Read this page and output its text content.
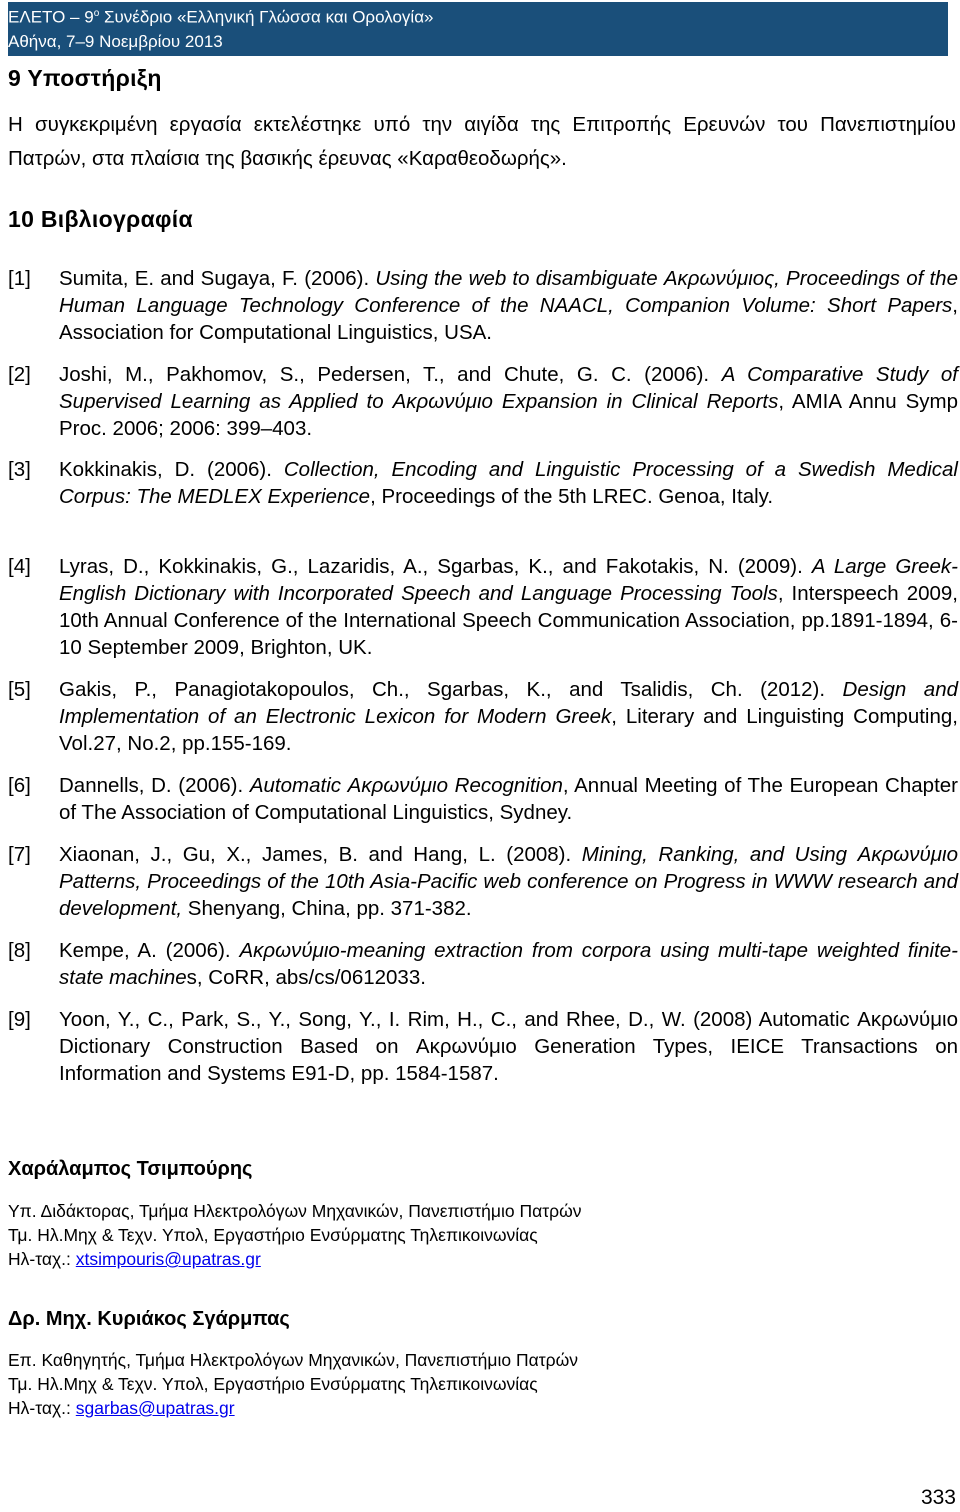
ΕΛΕΤΟ – $9^o$ Συνέδριο «Ελληνική Γλώσσα και Ορολογία»
Αθήνα, 7–9 Νοεμβρίου 2013
9 Υποστήριξη
Η συγκεκριμένη εργασία εκτελέστηκε υπό την αιγίδα της Επιτροπής Ερευνών του Πανεπιστημίου Πατρών, στα πλαίσια της βασικής έρευνας «Καραθεοδωρής».
10 Βιβλιογραφία
[1]	Sumita, E. and Sugaya, F. (2006). Using the web to disambiguate Ακρωνύμιος, Proceedings of the Human Language Technology Conference of the NAACL, Companion Volume: Short Papers, Association for Computational Linguistics, USA.
[2]	Joshi, M., Pakhomov, S., Pedersen, T., and Chute, G. C. (2006). A Comparative Study of Supervised Learning as Applied to Ακρωνύμιο Expansion in Clinical Reports, AMIA Annu Symp Proc. 2006; 2006: 399–403.
[3]	Kokkinakis, D. (2006). Collection, Encoding and Linguistic Processing of a Swedish Medical Corpus: The MEDLEX Experience, Proceedings of the 5th LREC. Genoa, Italy.
[4]	Lyras, D., Kokkinakis, G., Lazaridis, A., Sgarbas, K., and Fakotakis, N. (2009). A Large Greek-English Dictionary with Incorporated Speech and Language Processing Tools, Interspeech 2009, 10th Annual Conference of the International Speech Communication Association, pp.1891-1894, 6-10 September 2009, Brighton, UK.
[5]	Gakis, P., Panagiotakopoulos, Ch., Sgarbas, K., and Tsalidis, Ch. (2012). Design and Implementation of an Electronic Lexicon for Modern Greek, Literary and Linguisting Computing, Vol.27, No.2, pp.155-169.
[6]	Dannells, D. (2006). Automatic Ακρωνύμιο Recognition, Annual Meeting of The European Chapter of The Association of Computational Linguistics, Sydney.
[7]	Xiaonan, J., Gu, X., James, B. and Hang, L. (2008). Mining, Ranking, and Using Ακρωνύμιο Patterns, Proceedings of the 10th Asia-Pacific web conference on Progress in WWW research and development, Shenyang, China, pp. 371-382.
[8]	Kempe, A. (2006). Ακρωνύμιο-meaning extraction from corpora using multi-tape weighted finite-state machines, CoRR, abs/cs/0612033.
[9]	Yoon, Y., C., Park, S., Y., Song, Y., I. Rim, H., C., and Rhee, D., W. (2008) Automatic Ακρωνύμιο Dictionary Construction Based on Ακρωνύμιο Generation Types, IEICE Transactions on Information and Systems E91-D, pp. 1584-1587.
Χαράλαμπος Τσιμπούρης
Υπ. Διδάκτορας, Τμήμα Ηλεκτρολόγων Μηχανικών, Πανεπιστήμιο Πατρών
Τμ. Ηλ.Μηχ & Τεχν. Υπολ, Εργαστήριο Ενσύρματης Τηλεπικοινωνίας
Ηλ-ταχ.: xtsimpouris@upatras.gr
Δρ. Μηχ. Κυριάκος Σγάρμπας
Επ. Καθηγητής, Τμήμα Ηλεκτρολόγων Μηχανικών, Πανεπιστήμιο Πατρών
Τμ. Ηλ.Μηχ & Τεχν. Υπολ, Εργαστήριο Ενσύρματης Τηλεπικοινωνίας
Ηλ-ταχ.: sgarbas@upatras.gr
333
